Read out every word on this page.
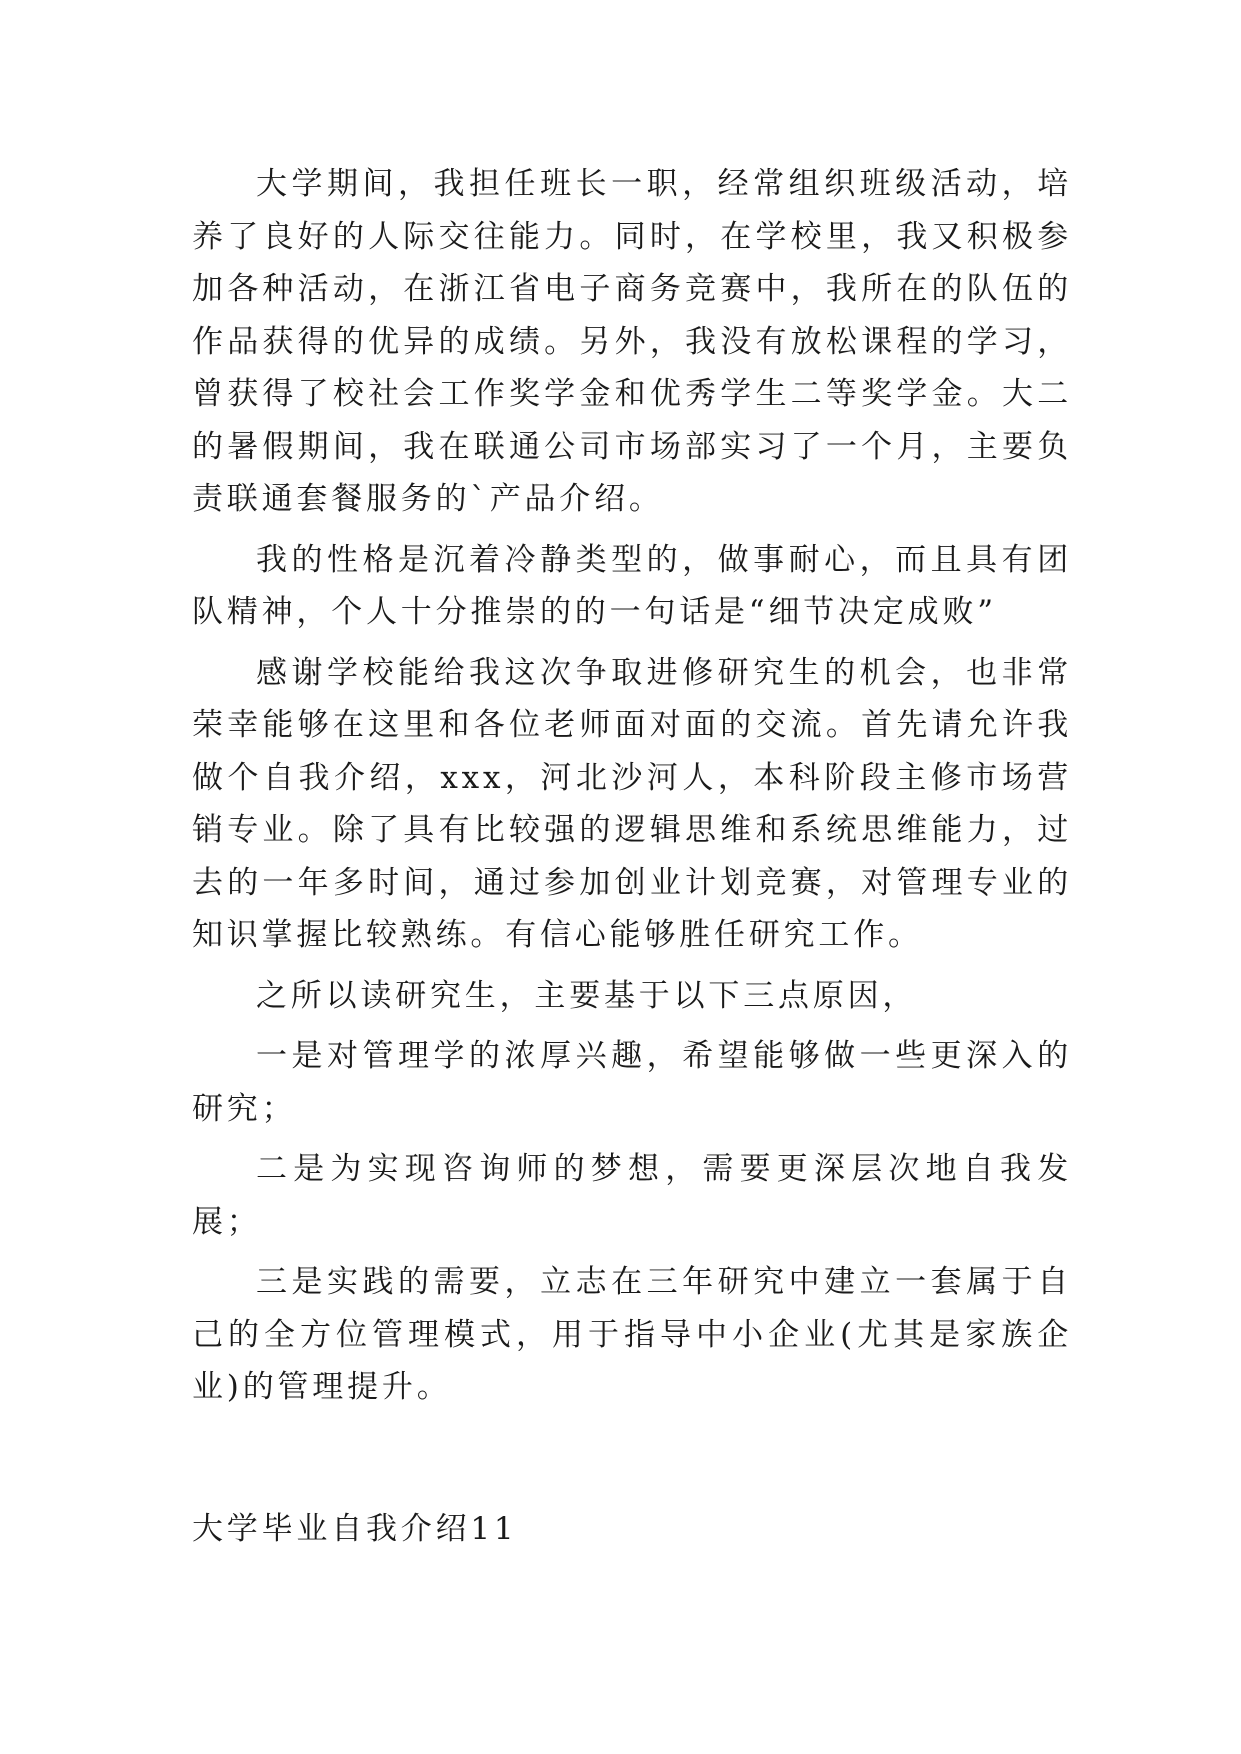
大学期间，我担任班长一职，经常组织班级活动，培养了良好的人际交往能力。同时，在学校里，我又积极参加各种活动，在浙江省电子商务竞赛中，我所在的队伍的作品获得的优异的成绩。另外，我没有放松课程的学习，曾获得了校社会工作奖学金和优秀学生二等奖学金。大二的暑假期间，我在联通公司市场部实习了一个月，主要负责联通套餐服务的`产品介绍。

我的性格是沉着冷静类型的，做事耐心，而且具有团队精神，个人十分推崇的的一句话是“细节决定成败”

感谢学校能给我这次争取进修研究生的机会，也非常荣幸能够在这里和各位老师面对面的交流。首先请允许我做个自我介绍，xxx，河北沙河人，本科阶段主修市场营销专业。除了具有比较强的逻辑思维和系统思维能力，过去的一年多时间，通过参加创业计划竞赛，对管理专业的知识掌握比较熟练。有信心能够胜任研究工作。

之所以读研究生，主要基于以下三点原因，

一是对管理学的浓厚兴趣，希望能够做一些更深入的研究；

二是为实现咨询师的梦想，需要更深层次地自我发展；

三是实践的需要，立志在三年研究中建立一套属于自己的全方位管理模式，用于指导中小企业(尤其是家族企业)的管理提升。

大学毕业自我介绍11
